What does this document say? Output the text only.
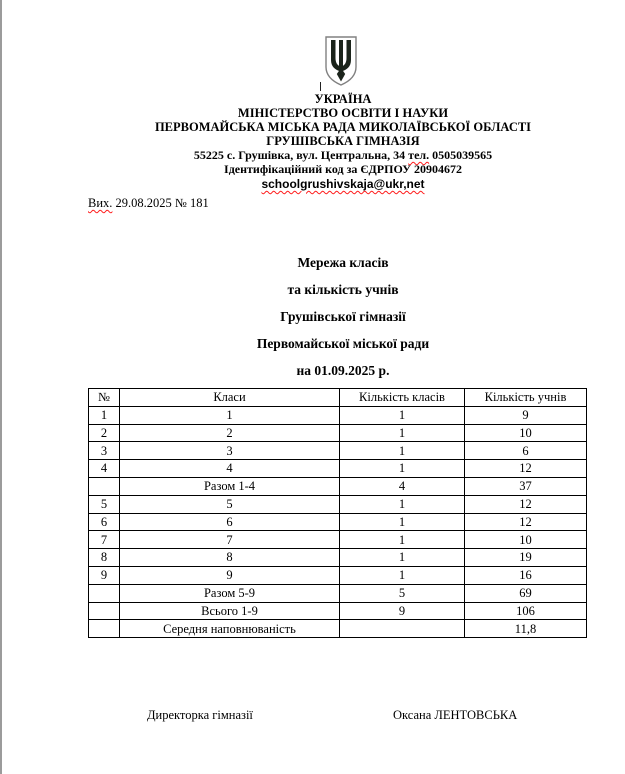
УКРАЇНА
МІНІСТЕРСТВО ОСВІТИ І НАУКИ
ПЕРВОМАЙСЬКА МІСЬКА РАДА МИКОЛАЇВСЬКОЇ ОБЛАСТІ
ГРУШІВСЬКА ГІМНАЗІЯ
55225 с. Грушівка, вул. Центральна, 34 тел. 0505039565
Ідентифікаційний код за ЄДРПОУ 20904672
schoolgrushivskaja@ukr,net
Вих. 29.08.2025 № 181
Мережа класів
та кількість учнів
Грушівської гімназії
Первомайської міської ради
на 01.09.2025 р.
№	Класи	Кількість класів	Кількість учнів
1	1	1	9
2	2	1	10
3	3	1	6
4	4	1	12
	Разом 1-4	4	37
5	5	1	12
6	6	1	12
7	7	1	10
8	8	1	19
9	9	1	16
	Разом 5-9	5	69
	Всього 1-9	9	106
	Середня наповнюваність		11,8
Директорка гімназії	Оксана ЛЕНТОВСЬКА
